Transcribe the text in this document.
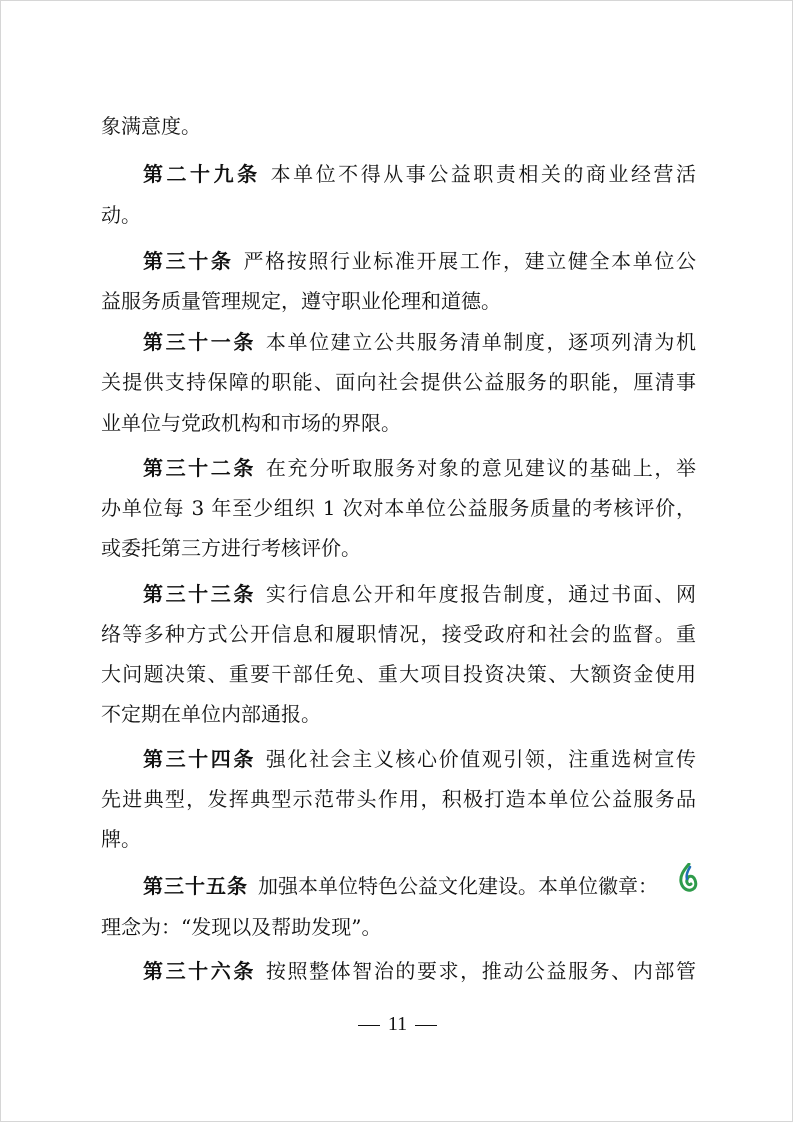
象满意度。
第二十九条 本单位不得从事公益职责相关的商业经营活
动。
第三十条 严格按照行业标准开展工作，建立健全本单位公
益服务质量管理规定，遵守职业伦理和道德。
第三十一条 本单位建立公共服务清单制度，逐项列清为机
关提供支持保障的职能、面向社会提供公益服务的职能，厘清事
业单位与党政机构和市场的界限。
第三十二条 在充分听取服务对象的意见建议的基础上，举
办单位每 3 年至少组织 1 次对本单位公益服务质量的考核评价，
或委托第三方进行考核评价。
第三十三条 实行信息公开和年度报告制度，通过书面、网
络等多种方式公开信息和履职情况，接受政府和社会的监督。重
大问题决策、重要干部任免、重大项目投资决策、大额资金使用
不定期在单位内部通报。
第三十四条 强化社会主义核心价值观引领，注重选树宣传
先进典型，发挥典型示范带头作用，积极打造本单位公益服务品
牌。
第三十五条 加强本单位特色公益文化建设。本单位徽章：
理念为：“发现以及帮助发现”。
第三十六条 按照整体智治的要求，推动公益服务、内部管
11
